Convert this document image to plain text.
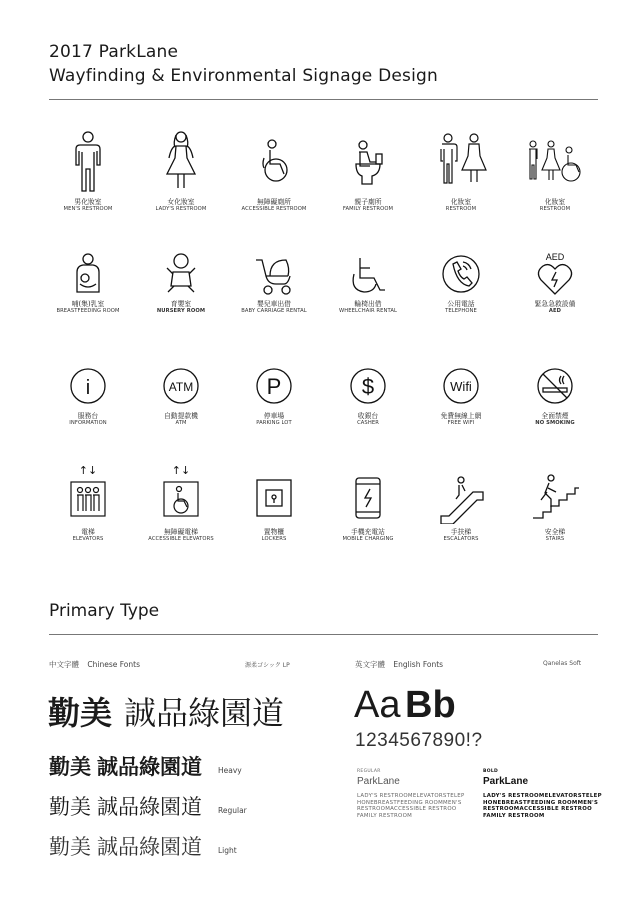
2017 ParkLane
Wayfinding & Environmental Signage Design
男化妝室
MEN'S RESTROOM
女化妝室
LADY'S RESTROOM
無障礙廁所
ACCESSIBLE RESTROOM
親子廁所
FAMILY RESTROOM
化妝室
RESTROOM
化妝室
RESTROOM
哺(集)乳室
BREASTFEEDING ROOM
育嬰室
NURSERY ROOM
嬰兒車出借
BABY CARRIAGE RENTAL
輪椅出借
WHEELCHAIR RENTAL
公用電話
TELEPHONE
AED
緊急急救設備
AED
i
服務台
INFORMATION
ATM
自動提款機
ATM
P
停車場
PARKING LOT
$
收銀台
CASHER
Wifi
免費無線上網
FREE WIFI
全面禁煙
NO SMOKING
↑↓
電梯
ELEVATORS
↑↓
無障礙電梯
ACCESSIBLE ELEVATORS
置物櫃
LOCKERS
手機充電站
MOBILE CHARGING
手扶梯
ESCALATORS
安全梯
STAIRS
Primary Type
中文字體 Chinese Fonts	源柔ゴシック LP
勤美 誠品綠園道
勤美 誠品綠園道 Heavy
勤美 誠品綠園道 Regular
勤美 誠品綠園道 Light
英文字體 English Fonts	Qanelas Soft
Aa Bb
1234567890!?
REGULAR
ParkLane
LADY'S RESTROOMELEVATORSTELEP
HONEBREASTFEEDING ROOMMEN'S
RESTROOMACCESSIBLE RESTROO
FAMILY RESTROOM
BOLD
ParkLane
LADY'S RESTROOMELEVATORSTELEP
HONEBREASTFEEDING ROOMMEN'S
RESTROOMACCESSIBLE RESTROO
FAMILY RESTROOM
